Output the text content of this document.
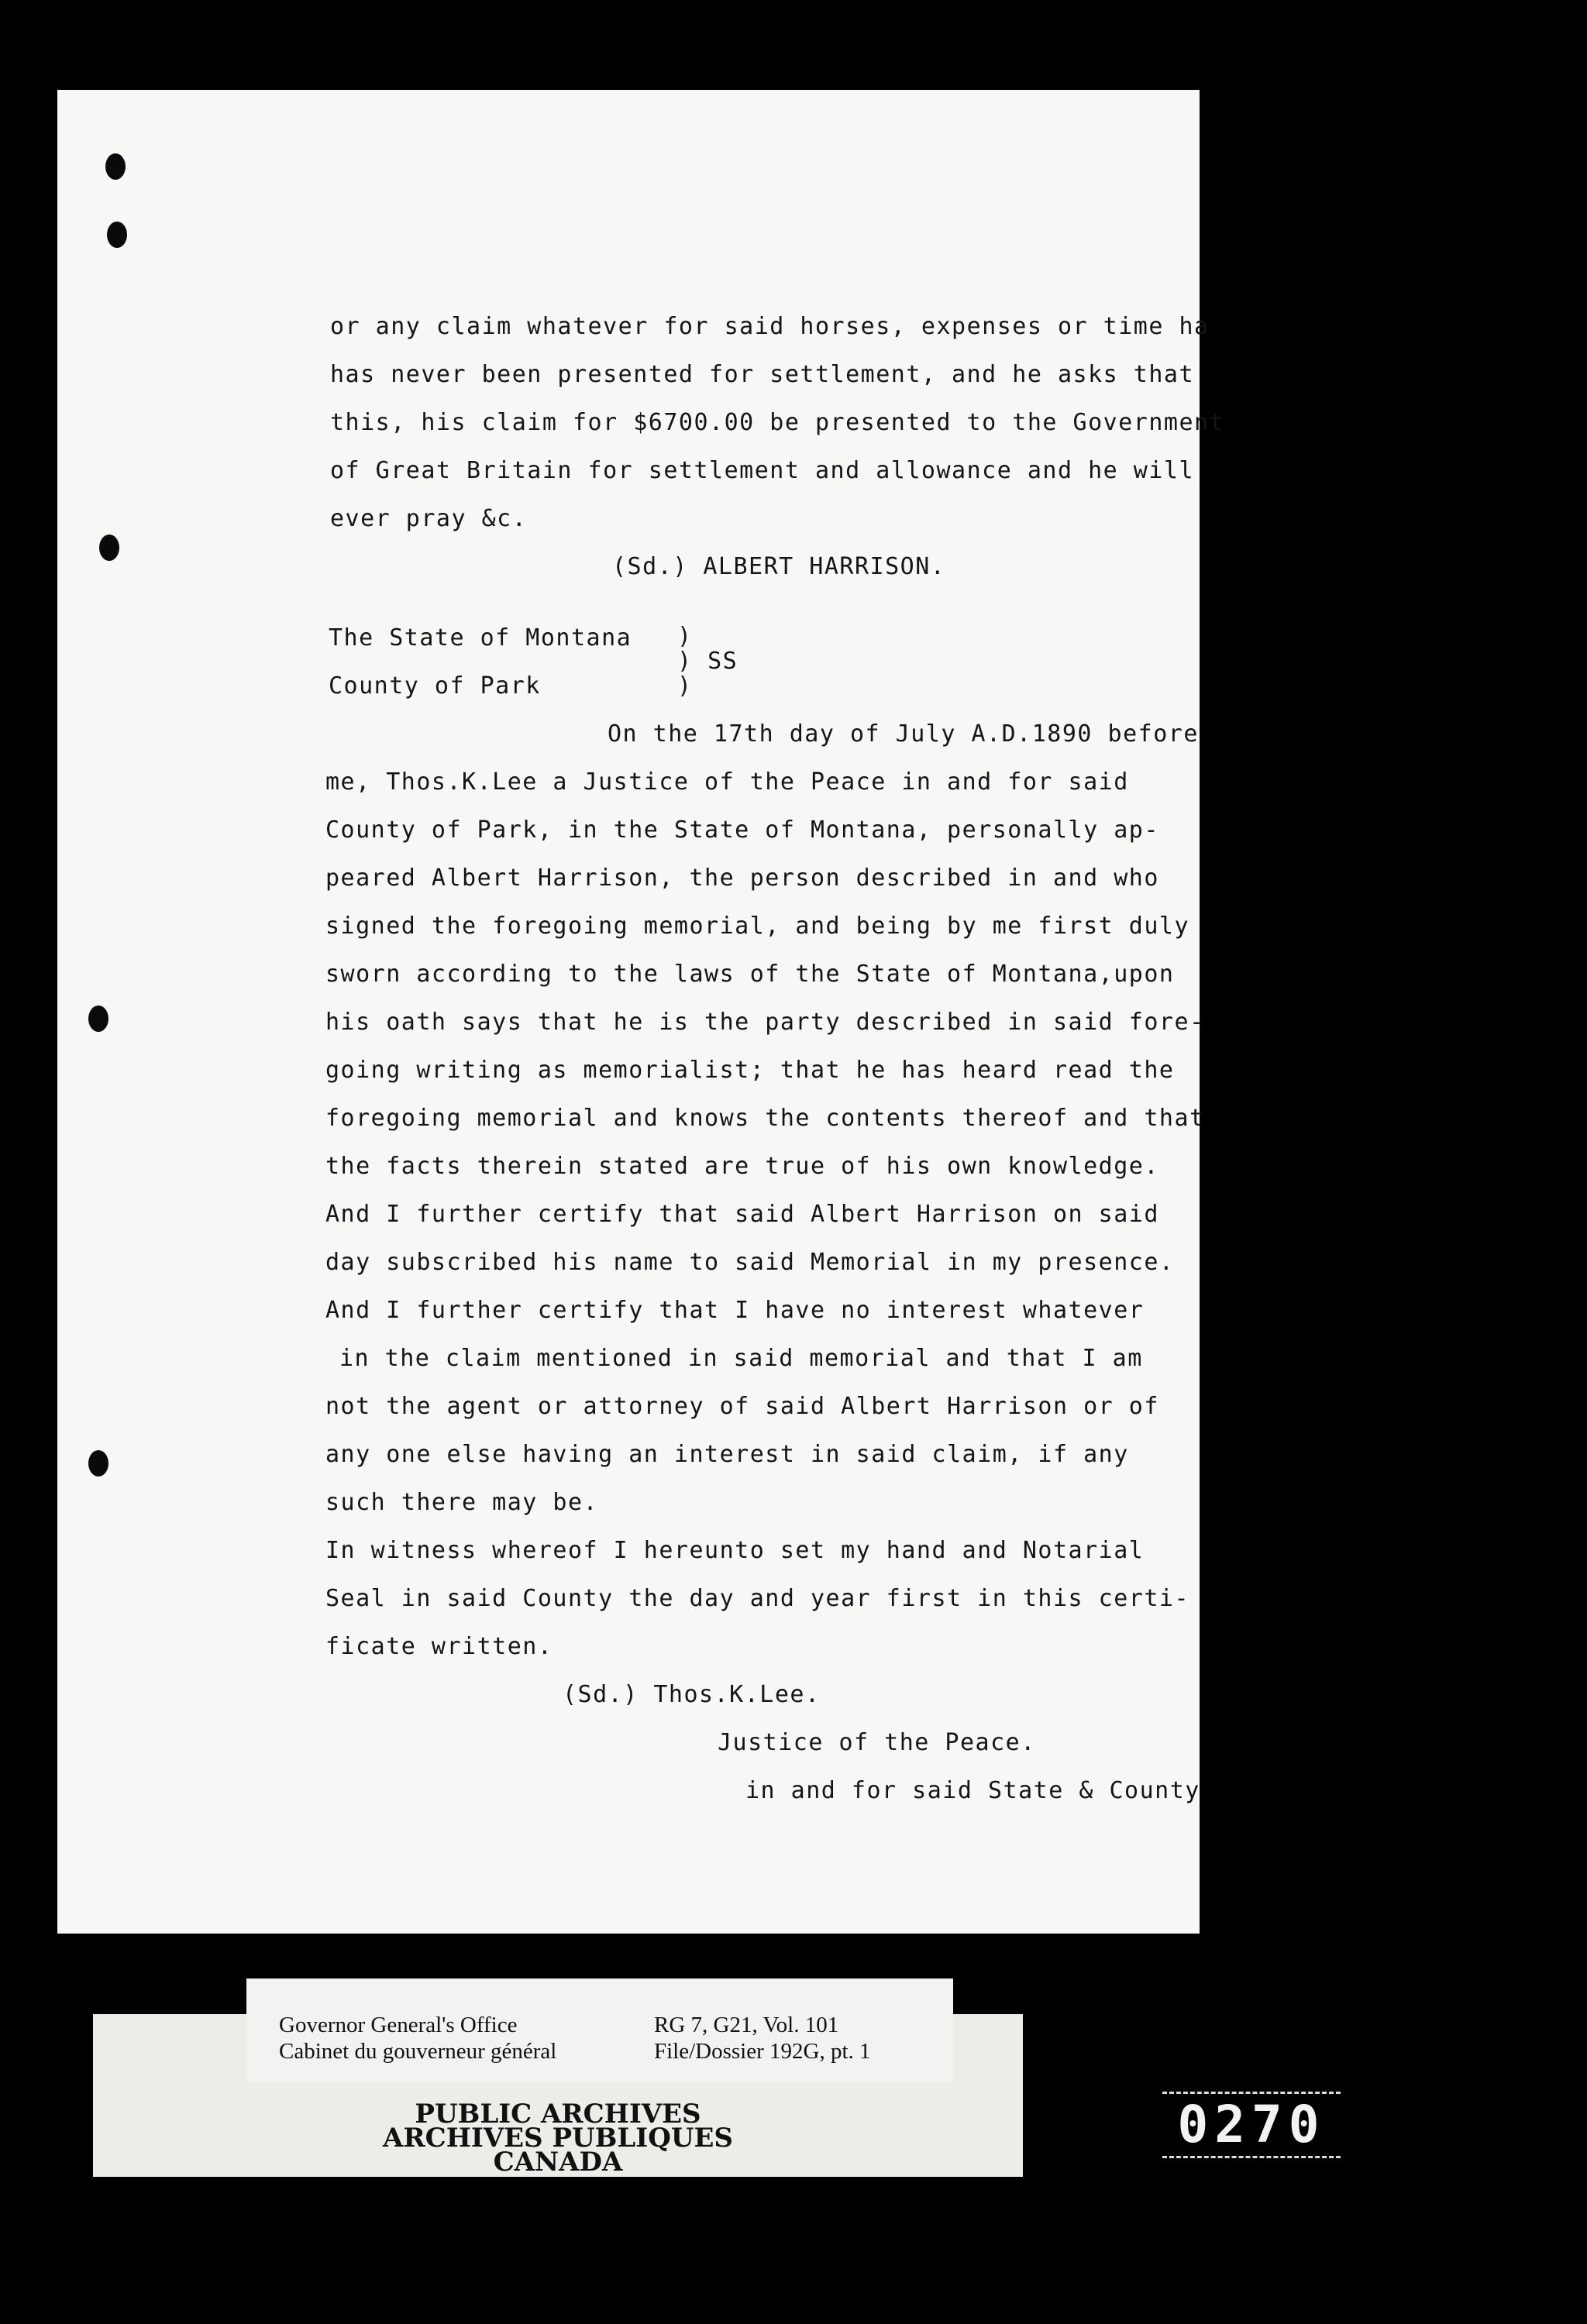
or any claim whatever for said horses, expenses or time ha
has never been presented for settlement, and he asks that
this, his claim for $6700.00 be presented to the Government
of Great Britain for settlement and allowance and he will
ever pray &c.
(Sd.) ALBERT HARRISON.
The State of Montana )
) SS
County of Park	)
On the 17th day of July A.D.1890 before
me, Thos.K.Lee a Justice of the Peace in and for said
County of Park, in the State of Montana, personally ap-
peared Albert Harrison, the person described in and who
signed the foregoing memorial, and being by me first duly
sworn according to the laws of the State of Montana,upon
his oath says that he is the party described in said fore-
going writing as memorialist; that he has heard read the
foregoing memorial and knows the contents thereof and that
the facts therein stated are true of his own knowledge.
And I further certify that said Albert Harrison on said
day subscribed his name to said Memorial in my presence.
And I further certify that I have no interest whatever
in the claim mentioned in said memorial and that I am
not the agent or attorney of said Albert Harrison or of
any one else having an interest in said claim, if any
such there may be.
In witness whereof I hereunto set my hand and Notarial
Seal in said County the day and year first in this certi-
ficate written.
(Sd.) Thos.K.Lee.
Justice of the Peace.
in and for said State & County
Governor General's Office
Cabinet du gouverneur général
RG 7, G21, Vol. 101
File/Dossier 192G, pt. 1
PUBLIC ARCHIVES
ARCHIVES PUBLIQUES
CANADA
0270
